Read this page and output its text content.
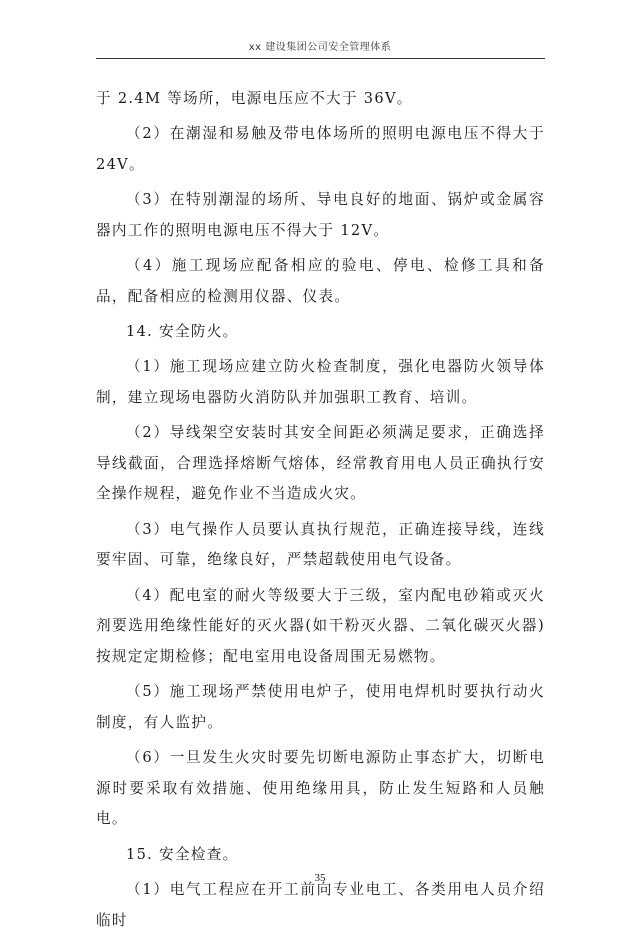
xx 建设集团公司安全管理体系

于 2.4M 等场所，电源电压应不大于 36V。

（2）在潮湿和易触及带电体场所的照明电源电压不得大于 24V。

（3）在特别潮湿的场所、导电良好的地面、锅炉或金属容器内工作的照明电源电压不得大于 12V。

（4）施工现场应配备相应的验电、停电、检修工具和备品，配备相应的检测用仪器、仪表。

14. 安全防火。

（1）施工现场应建立防火检查制度，强化电器防火领导体制，建立现场电器防火消防队并加强职工教育、培训。

（2）导线架空安装时其安全间距必须满足要求，正确选择导线截面，合理选择熔断气熔体，经常教育用电人员正确执行安全操作规程，避免作业不当造成火灾。

（3）电气操作人员要认真执行规范，正确连接导线，连线要牢固、可靠，绝缘良好，严禁超载使用电气设备。

（4）配电室的耐火等级要大于三级，室内配电砂箱或灭火剂要选用绝缘性能好的灭火器(如干粉灭火器、二氧化碳灭火器)按规定定期检修；配电室用电设备周围无易燃物。

（5）施工现场严禁使用电炉子，使用电焊机时要执行动火制度，有人监护。

（6）一旦发生火灾时要先切断电源防止事态扩大，切断电源时要采取有效措施、使用绝缘用具，防止发生短路和人员触电。

15. 安全检查。

（1）电气工程应在开工前向专业电工、各类用电人员介绍临时

35
